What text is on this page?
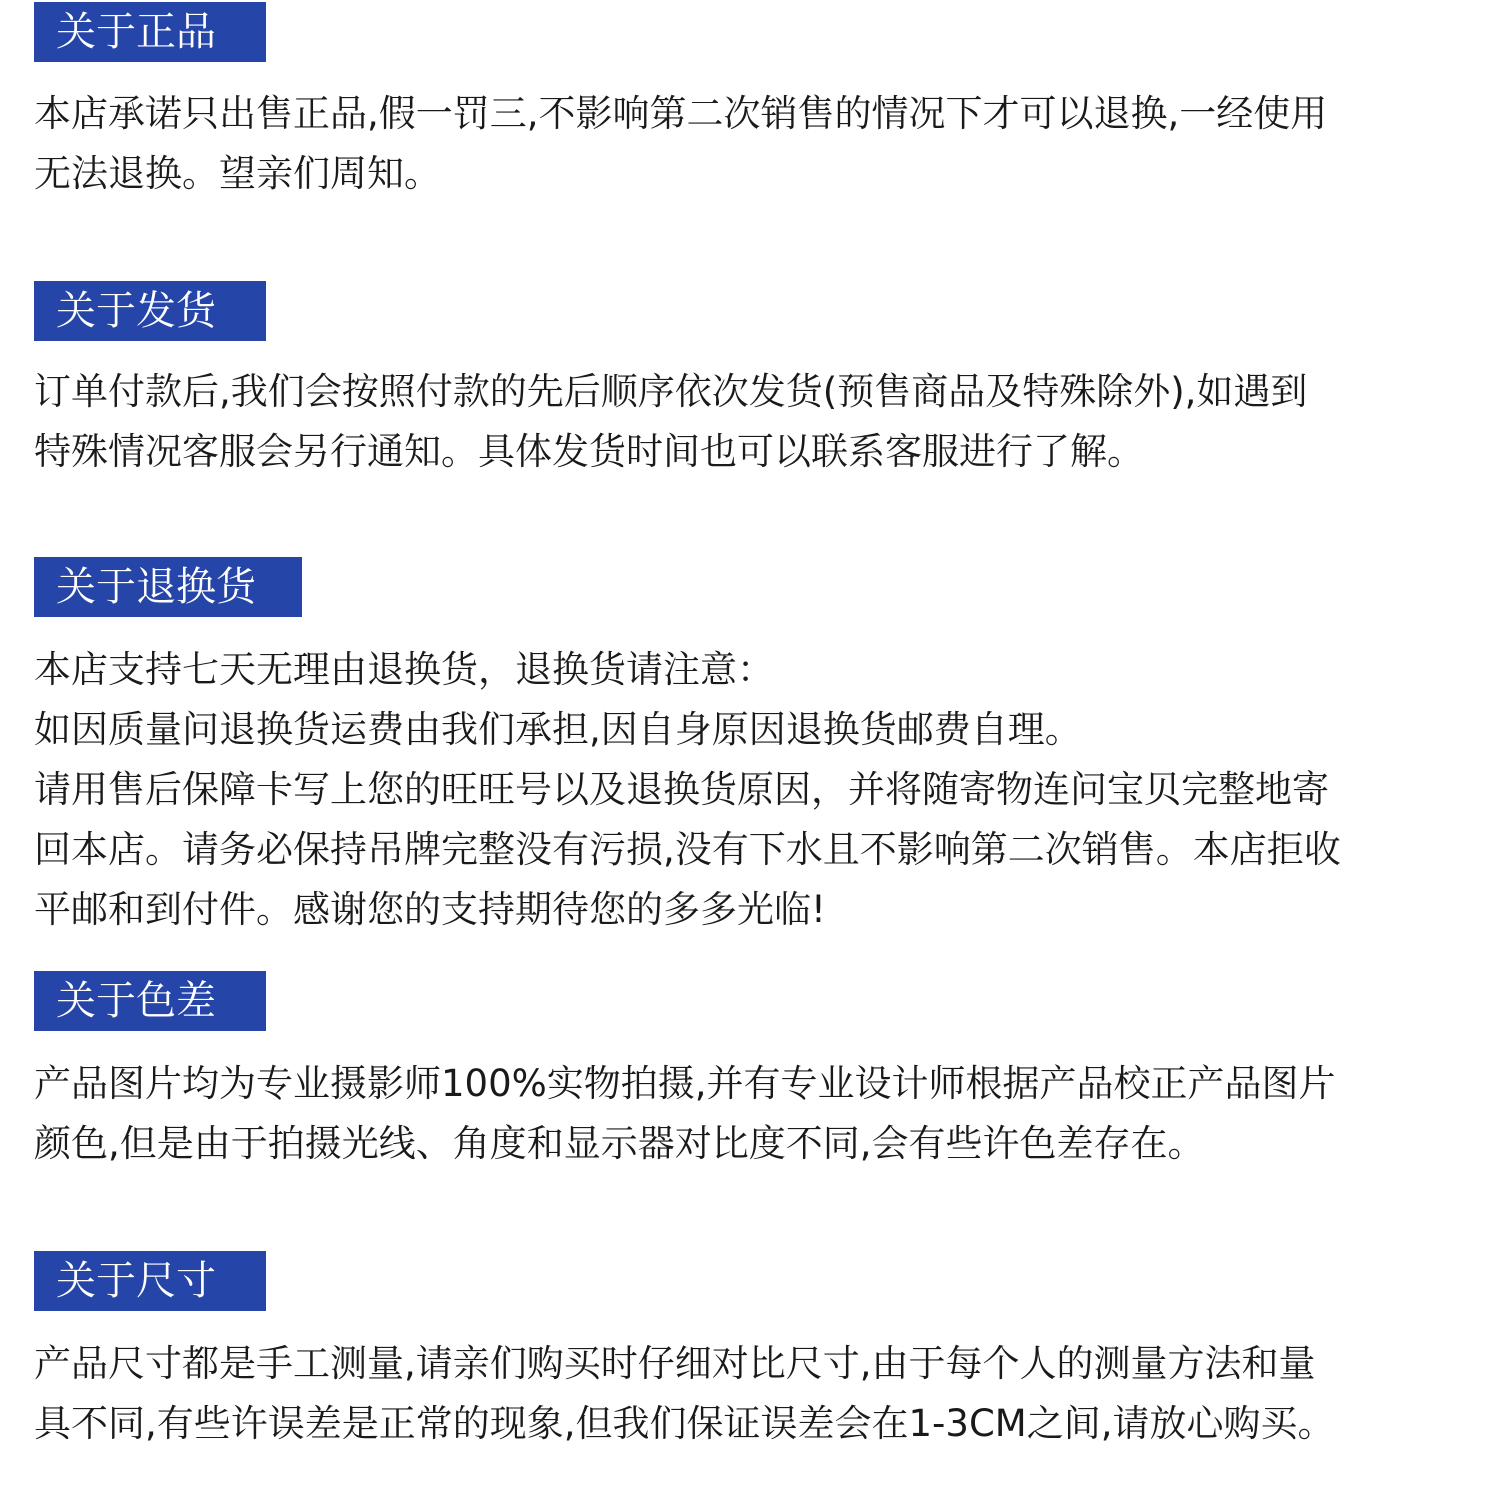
关于正品

本店承诺只出售正品,假一罚三,不影响第二次销售的情况下才可以退换,一经使用

无法退换。望亲们周知。

关于发货

订单付款后,我们会按照付款的先后顺序依次发货(预售商品及特殊除外),如遇到

特殊情况客服会另行通知。具体发货时间也可以联系客服进行了解。

关于退换货

本店支持七天无理由退换货，退换货请注意：

如因质量问退换货运费由我们承担,因自身原因退换货邮费自理。

请用售后保障卡写上您的旺旺号以及退换货原因，并将随寄物连问宝贝完整地寄

回本店。请务必保持吊牌完整没有污损,没有下水且不影响第二次销售。本店拒收

平邮和到付件。感谢您的支持期待您的多多光临!

关于色差

产品图片均为专业摄影师100%实物拍摄,并有专业设计师根据产品校正产品图片

颜色,但是由于拍摄光线、角度和显示器对比度不同,会有些许色差存在。

关于尺寸

产品尺寸都是手工测量,请亲们购买时仔细对比尺寸,由于每个人的测量方法和量

具不同,有些许误差是正常的现象,但我们保证误差会在1-3CM之间,请放心购买。
